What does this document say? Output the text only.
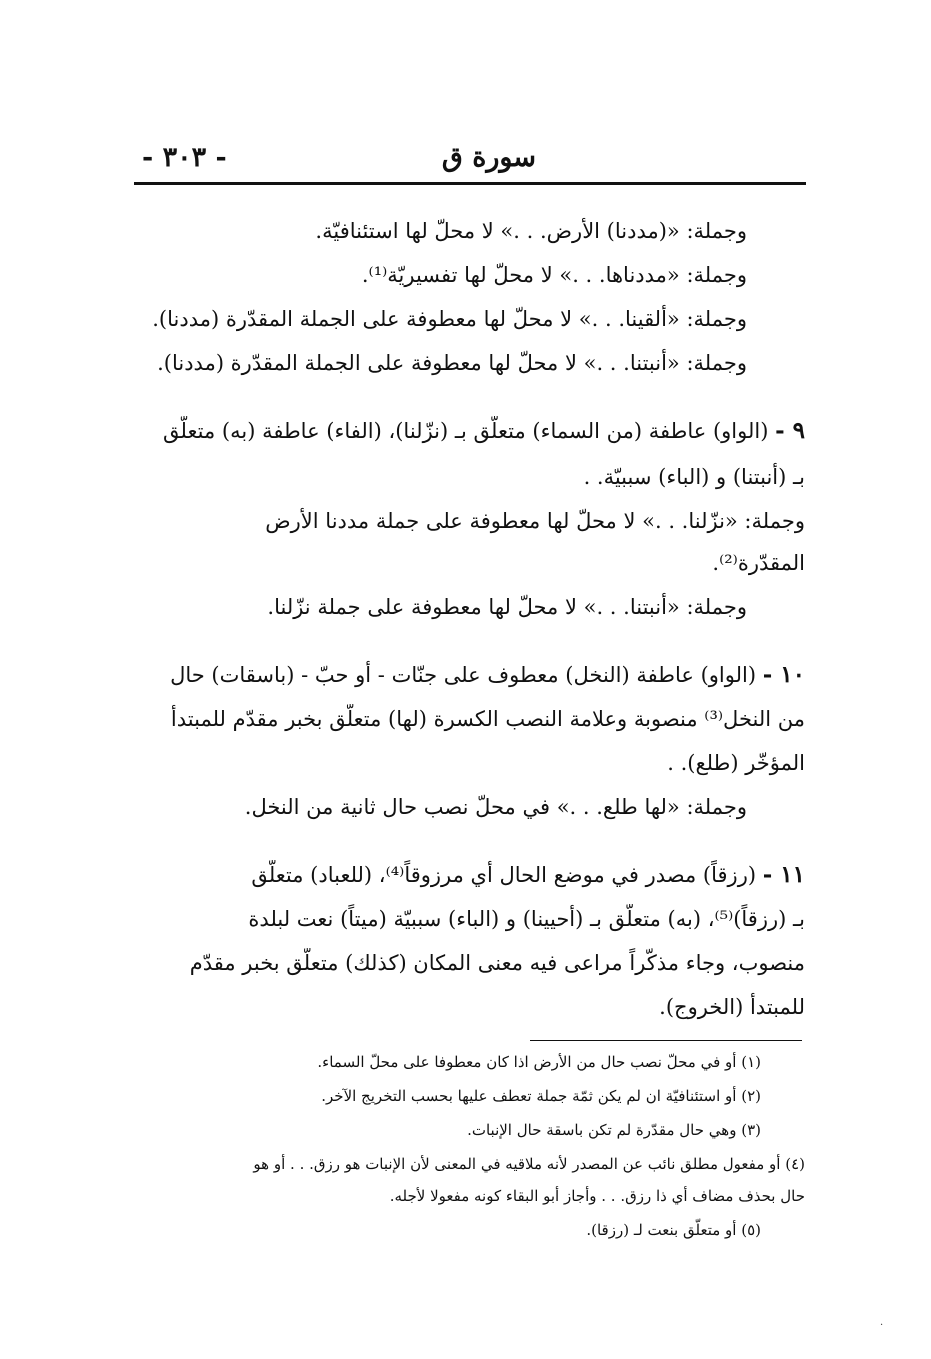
سورة ق
- ٣٠٣ -
وجملة: «(مددنا) الأرض. . .» لا محلّ لها استئنافيّة.
وجملة: «مددناها. . .» لا محلّ لها تفسيريّة⁽¹⁾.
وجملة: «ألقينا. . .» لا محلّ لها معطوفة على الجملة المقدّرة (مددنا).
وجملة: «أنبتنا. . .» لا محلّ لها معطوفة على الجملة المقدّرة (مددنا).
٩ - (الواو) عاطفة (من السماء) متعلّق بـ (نزّلنا)، (الفاء) عاطفة (به) متعلّق
بـ (أنبتنا) و (الباء) سببيّة. .
وجملة: «نزّلنا. . .» لا محلّ لها معطوفة على جملة مددنا الأرض
المقدّرة⁽²⁾.
وجملة: «أنبتنا. . .» لا محلّ لها معطوفة على جملة نزّلنا.
١٠ - (الواو) عاطفة (النخل) معطوف على جنّات - أو حبّ - (باسقات) حال
من النخل⁽³⁾ منصوبة وعلامة النصب الكسرة (لها) متعلّق بخبر مقدّم للمبتدأ
المؤخّر (طلع). .
وجملة: «لها طلع. . .» في محلّ نصب حال ثانية من النخل.
١١ - (رزقاً) مصدر في موضع الحال أي مرزوقاً⁽⁴⁾، (للعباد) متعلّق
بـ (رزقاً)⁽⁵⁾، (به) متعلّق بـ (أحيينا) و (الباء) سببيّة (ميتاً) نعت لبلدة
منصوب، وجاء مذكّراً مراعى فيه معنى المكان (كذلك) متعلّق بخبر مقدّم
للمبتدأ (الخروج).
(١) أو في محلّ نصب حال من الأرض اذا كان معطوفا على محلّ السماء.
(٢) أو استئنافيّة ان لم يكن ثمّة جملة تعطف عليها بحسب التخريج الآخر.
(٣) وهي حال مقدّرة لم تكن باسقة حال الإنبات.
(٤) أو مفعول مطلق نائب عن المصدر لأنه ملاقيه في المعنى لأن الإنبات هو رزق. . . أو هو
حال بحذف مضاف أي ذا رزق. . . وأجاز أبو البقاء كونه مفعولا لأجله.
(٥) أو متعلّق بنعت لـ (رزقا).
·
